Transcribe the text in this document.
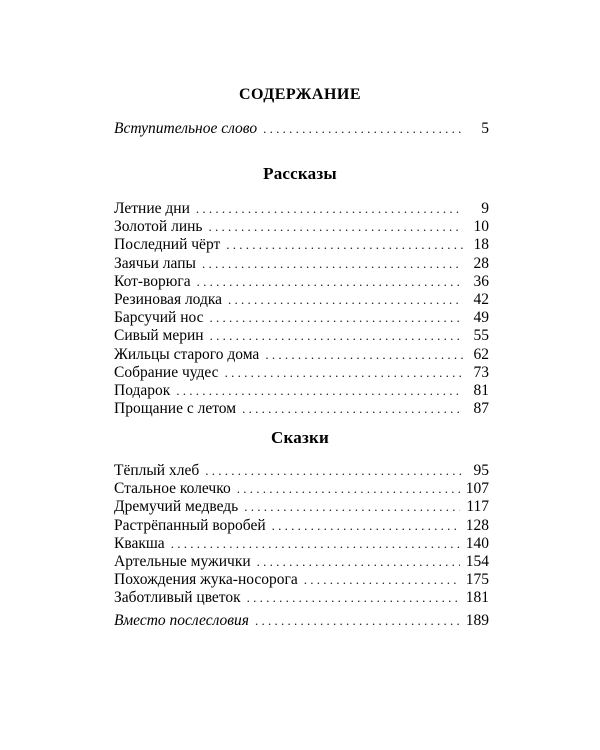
СОДЕРЖАНИЕ
Вступительное слово . . .	5
Рассказы
Летние дни . . .	9
Золотой линь . . .	10
Последний чёрт . . .	18
Заячьи лапы . . .	28
Кот-ворюга . . .	36
Резиновая лодка . . .	42
Барсучий нос . . .	49
Сивый мерин . . .	55
Жильцы старого дома . . .	62
Собрание чудес . . .	73
Подарок . . .	81
Прощание с летом . . .	87
Сказки
Тёплый хлеб . . .	95
Стальное колечко . . .	107
Дремучий медведь . . .	117
Растрёпанный воробей . . .	128
Квакша . . .	140
Артельные мужички . . .	154
Похождения жука-носорога . . .	175
Заботливый цветок . . .	181
Вместо послесловия . . .	189
